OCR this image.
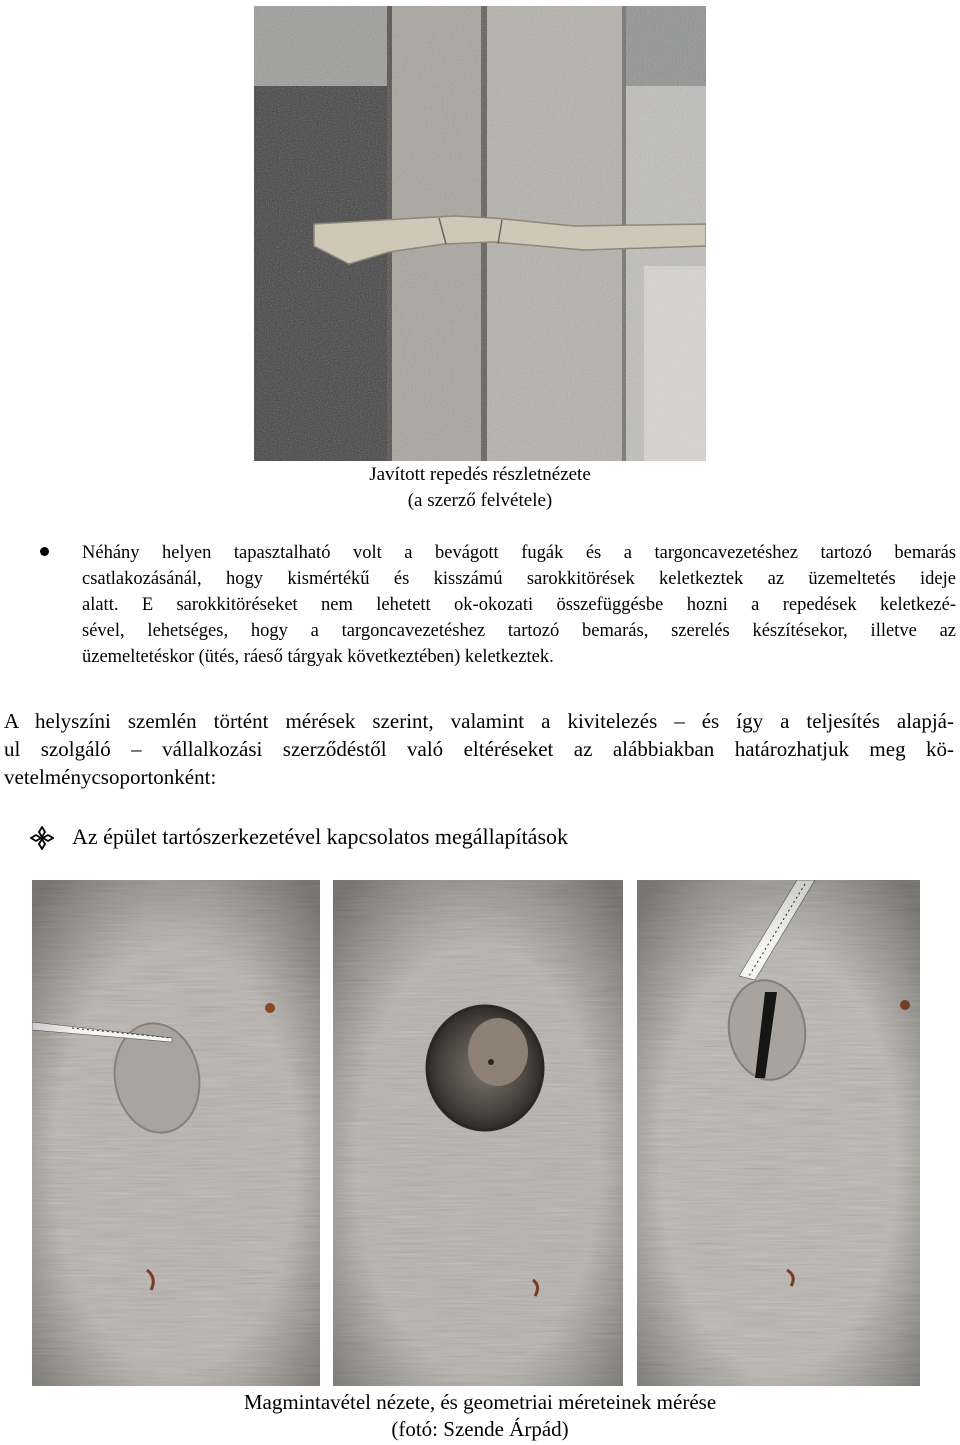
Javított repedés részletnézete
(a szerző felvétele)
Néhány helyen tapasztalható volt a bevágott fugák és a targoncavezetéshez tartozó bemarás
csatlakozásánál, hogy kismértékű és kisszámú sarokkitörések keletkeztek az üzemeltetés ideje
alatt. E sarokkitöréseket nem lehetett ok-okozati összefüggésbe hozni a repedések keletkezé-
sével, lehetséges, hogy a targoncavezetéshez tartozó bemarás, szerelés készítésekor, illetve az
üzemeltetéskor (ütés, ráeső tárgyak következtében) keletkeztek.
A helyszíni szemlén történt mérések szerint, valamint a kivitelezés – és így a teljesítés alapjá-
ul szolgáló – vállalkozási szerződéstől való eltéréseket az alábbiakban határozhatjuk meg kö-
vetelménycsoportonként:
Az épület tartószerkezetével kapcsolatos megállapítások
Magmintavétel nézete, és geometriai méreteinek mérése
(fotó: Szende Árpád)
